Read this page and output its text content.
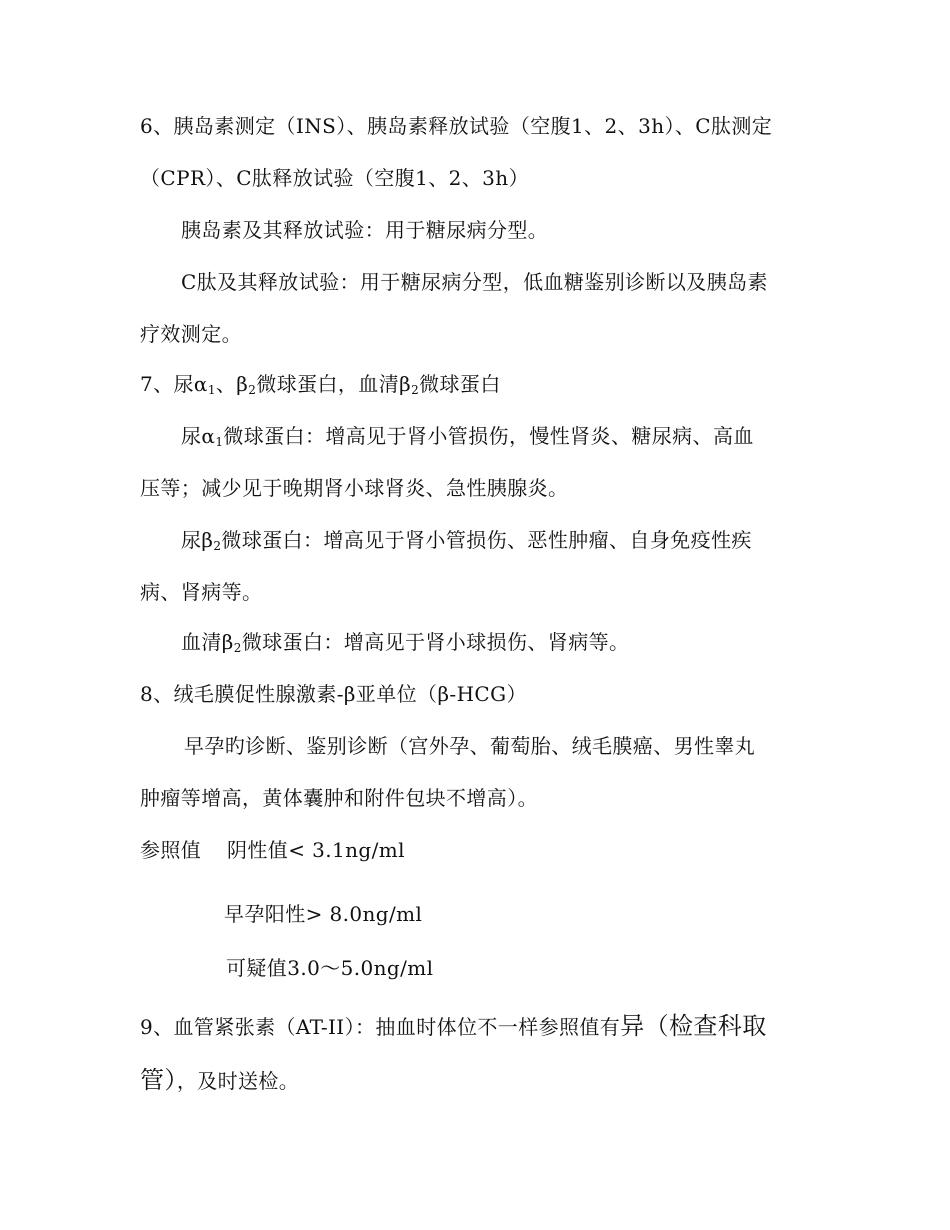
6、胰岛素测定（INS）、胰岛素释放试验（空腹1、2、3h）、C肽测定
（CPR）、C肽释放试验（空腹1、2、3h）
胰岛素及其释放试验：用于糖尿病分型。
C肽及其释放试验：用于糖尿病分型，低血糖鉴别诊断以及胰岛素
疗效测定。
7、尿$\alpha_1$、$\beta_2$微球蛋白，血清$\beta_2$微球蛋白
尿$\alpha_1$微球蛋白：增高见于肾小管损伤，慢性肾炎、糖尿病、高血
压等；减少见于晚期肾小球肾炎、急性胰腺炎。
尿$\beta_2$微球蛋白：增高见于肾小管损伤、恶性肿瘤、自身免疫性疾
病、肾病等。
血清$\beta_2$微球蛋白：增高见于肾小球损伤、肾病等。
8、绒毛膜促性腺激素-β亚单位（β-HCG）
早孕旳诊断、鉴别诊断（宫外孕、葡萄胎、绒毛膜癌、男性睾丸
肿瘤等增高，黄体囊肿和附件包块不增高）。
参照值 阴性值< 3.1ng/ml
早孕阳性> 8.0ng/ml
可疑值3.0～5.0ng/ml
9、血管紧张素（AT-II）：抽血时体位不一样参照值有异（检查科取
管），及时送检。
